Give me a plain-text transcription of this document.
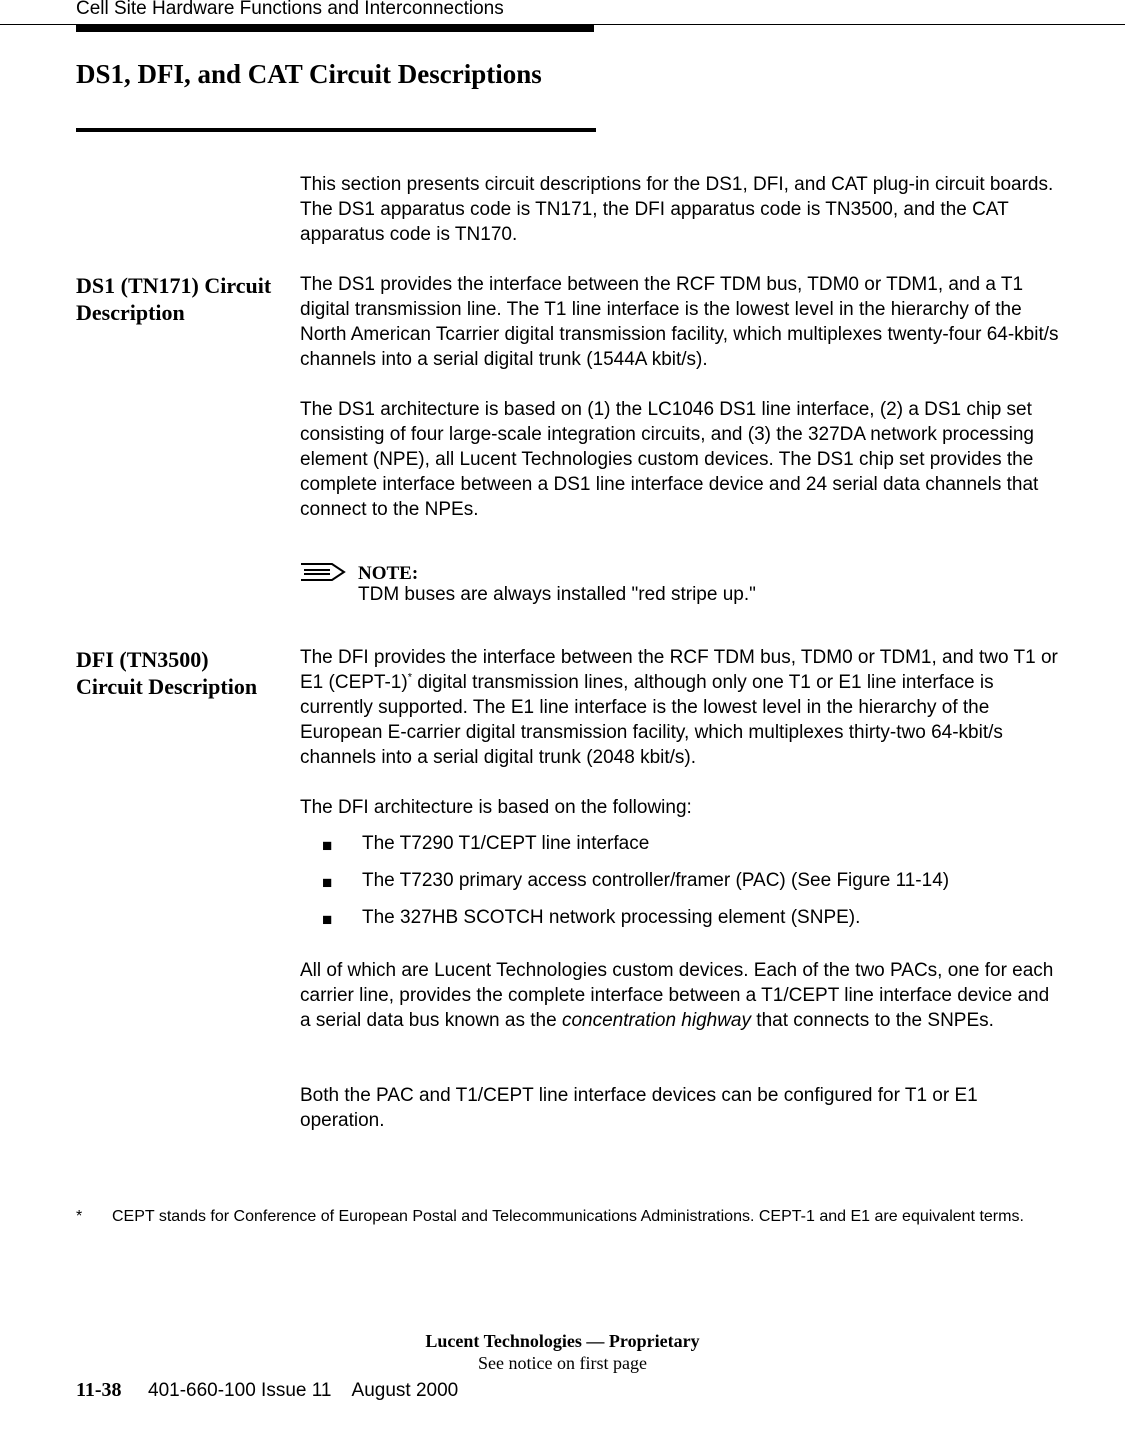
Cell Site Hardware Functions and Interconnections
DS1, DFI, and CAT Circuit Descriptions

This section presents circuit descriptions for the DS1, DFI, and CAT plug-in circuit boards. The DS1 apparatus code is TN171, the DFI apparatus code is TN3500, and the CAT apparatus code is TN170.

DS1 (TN171) Circuit Description

The DS1 provides the interface between the RCF TDM bus, TDM0 or TDM1, and a T1 digital transmission line. The T1 line interface is the lowest level in the hierarchy of the North American Tcarrier digital transmission facility, which multiplexes twenty-four 64-kbit/s channels into a serial digital trunk (1544A kbit/s).

The DS1 architecture is based on (1) the LC1046 DS1 line interface, (2) a DS1 chip set consisting of four large-scale integration circuits, and (3) the 327DA network processing element (NPE), all Lucent Technologies custom devices. The DS1 chip set provides the complete interface between a DS1 line interface device and 24 serial data channels that connect to the NPEs.

NOTE:
TDM buses are always installed "red stripe up."
DFI (TN3500) Circuit Description

The DFI provides the interface between the RCF TDM bus, TDM0 or TDM1, and two T1 or E1 (CEPT-1)* digital transmission lines, although only one T1 or E1 line interface is currently supported. The E1 line interface is the lowest level in the hierarchy of the European E-carrier digital transmission facility, which multiplexes thirty-two 64-kbit/s channels into a serial digital trunk (2048 kbit/s).

The DFI architecture is based on the following:

■ The T7290 T1/CEPT line interface
■ The T7230 primary access controller/framer (PAC) (See Figure 11-14)
■ The 327HB SCOTCH network processing element (SNPE).

All of which are Lucent Technologies custom devices. Each of the two PACs, one for each carrier line, provides the complete interface between a T1/CEPT line interface device and a serial data bus known as the concentration highway that connects to the SNPEs.

Both the PAC and T1/CEPT line interface devices can be configured for T1 or E1 operation.

* CEPT stands for Conference of European Postal and Telecommunications Administrations. CEPT-1 and E1 are equivalent terms.
Lucent Technologies — Proprietary
See notice on first page
11-38 401-660-100 Issue 11    August 2000
